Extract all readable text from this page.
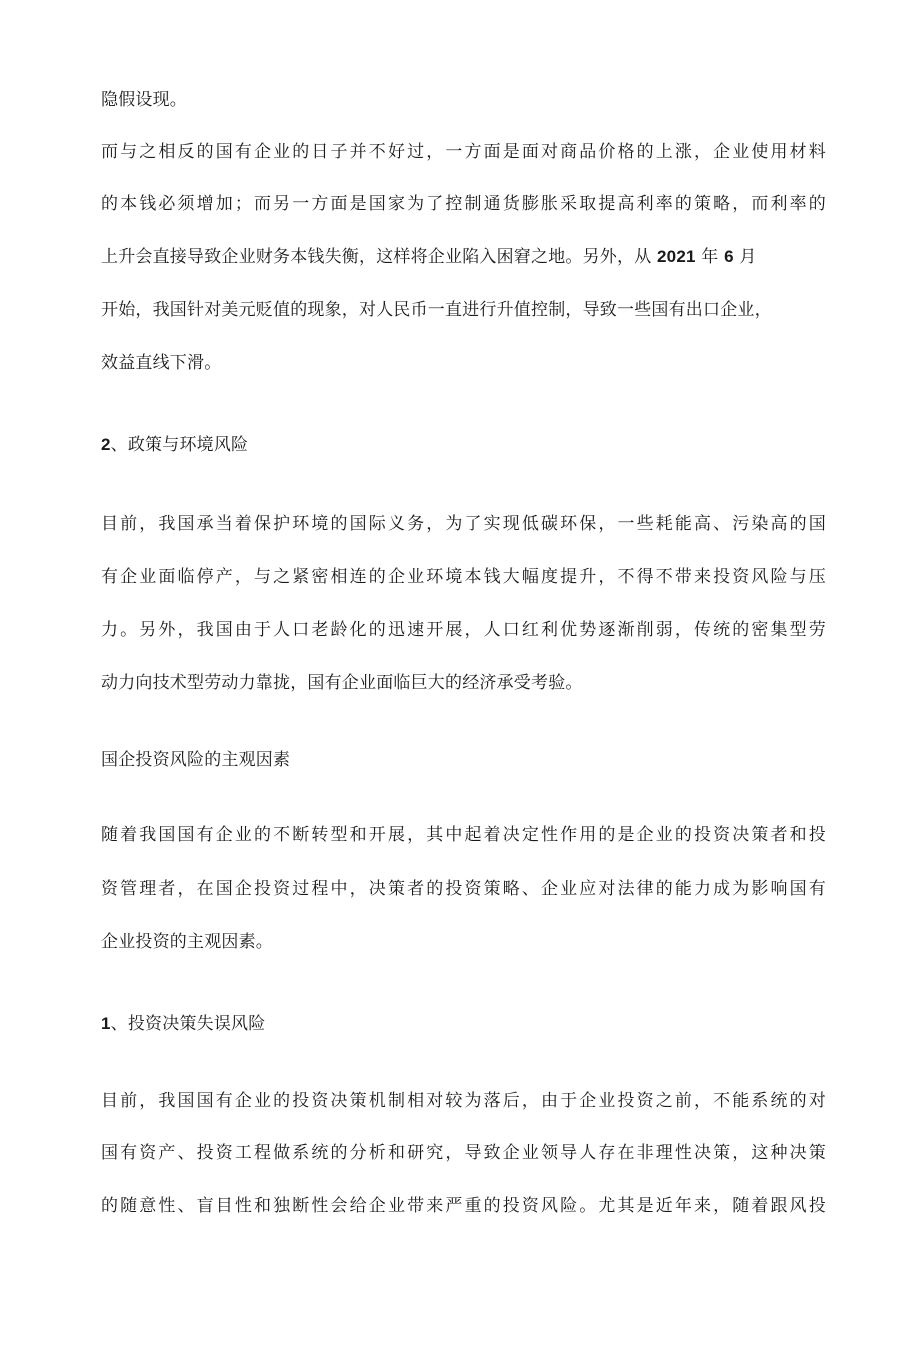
隐假设现。
而与之相反的国有企业的日子并不好过，一方面是面对商品价格的上涨，企业使用材料
的本钱必须增加；而另一方面是国家为了控制通货膨胀采取提高利率的策略，而利率的
上升会直接导致企业财务本钱失衡，这样将企业陷入困窘之地。另外，从 2021 年 6 月
开始，我国针对美元贬值的现象，对人民币一直进行升值控制，导致一些国有出口企业，
效益直线下滑。
2、政策与环境风险
目前，我国承当着保护环境的国际义务，为了实现低碳环保，一些耗能高、污染高的国
有企业面临停产，与之紧密相连的企业环境本钱大幅度提升，不得不带来投资风险与压
力。另外，我国由于人口老龄化的迅速开展，人口红利优势逐渐削弱，传统的密集型劳
动力向技术型劳动力靠拢，国有企业面临巨大的经济承受考验。
国企投资风险的主观因素
随着我国国有企业的不断转型和开展，其中起着决定性作用的是企业的投资决策者和投
资管理者，在国企投资过程中，决策者的投资策略、企业应对法律的能力成为影响国有
企业投资的主观因素。
1、投资决策失误风险
目前，我国国有企业的投资决策机制相对较为落后，由于企业投资之前，不能系统的对
国有资产、投资工程做系统的分析和研究，导致企业领导人存在非理性决策，这种决策
的随意性、盲目性和独断性会给企业带来严重的投资风险。尤其是近年来，随着跟风投
